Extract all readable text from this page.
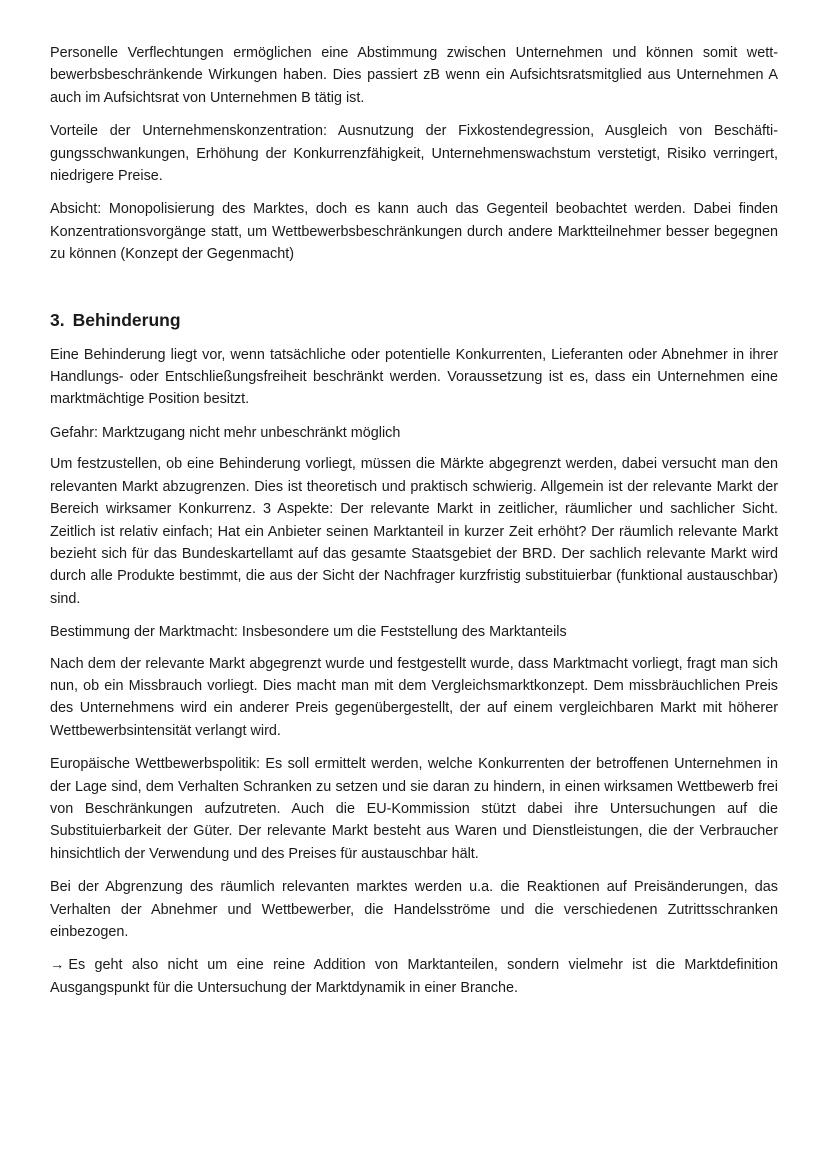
Personelle Verflechtungen ermöglichen eine Abstimmung zwischen Unternehmen und können somit wettbewerbsbeschränkende Wirkungen haben. Dies passiert zB wenn ein Aufsichtsratsmitglied aus Unternehmen A auch im Aufsichtsrat von Unternehmen B tätig ist.

Vorteile der Unternehmenskonzentration: Ausnutzung der Fixkostendegression, Ausgleich von Beschäftigungsschwankungen, Erhöhung der Konkurrenzfähigkeit, Unternehmenswachstum verstetigt, Risiko verringert, niedrigere Preise.

Absicht: Monopolisierung des Marktes, doch es kann auch das Gegenteil beobachtet werden. Dabei finden Konzentrationsvorgänge statt, um Wettbewerbsbeschränkungen durch andere Marktteilnehmer besser begegnen zu können (Konzept der Gegenmacht)

3. Behinderung

Eine Behinderung liegt vor, wenn tatsächliche oder potentielle Konkurrenten, Lieferanten oder Abnehmer in ihrer Handlungs- oder Entschließungsfreiheit beschränkt werden. Voraussetzung ist es, dass ein Unternehmen eine marktmächtige Position besitzt.

Gefahr: Marktzugang nicht mehr unbeschränkt möglich

Um festzustellen, ob eine Behinderung vorliegt, müssen die Märkte abgegrenzt werden, dabei versucht man den relevanten Markt abzugrenzen. Dies ist theoretisch und praktisch schwierig. Allgemein ist der relevante Markt der Bereich wirksamer Konkurrenz. 3 Aspekte: Der relevante Markt in zeitlicher, räumlicher und sachlicher Sicht. Zeitlich ist relativ einfach; Hat ein Anbieter seinen Marktanteil in kurzer Zeit erhöht? Der räumlich relevante Markt bezieht sich für das Bundeskartellamt auf das gesamte Staatsgebiet der BRD. Der sachlich relevante Markt wird durch alle Produkte bestimmt, die aus der Sicht der Nachfrager kurzfristig substituierbar (funktional austauschbar) sind.

Bestimmung der Marktmacht: Insbesondere um die Feststellung des Marktanteils

Nach dem der relevante Markt abgegrenzt wurde und festgestellt wurde, dass Marktmacht vorliegt, fragt man sich nun, ob ein Missbrauch vorliegt. Dies macht man mit dem Vergleichsmarktkonzept. Dem missbräuchlichen Preis des Unternehmens wird ein anderer Preis gegenübergestellt, der auf einem vergleichbaren Markt mit höherer Wettbewerbsintensität verlangt wird.

Europäische Wettbewerbspolitik: Es soll ermittelt werden, welche Konkurrenten der betroffenen Unternehmen in der Lage sind, dem Verhalten Schranken zu setzen und sie daran zu hindern, in einen wirksamen Wettbewerb frei von Beschränkungen aufzutreten. Auch die EU-Kommission stützt dabei ihre Untersuchungen auf die Substituierbarkeit der Güter. Der relevante Markt besteht aus Waren und Dienstleistungen, die der Verbraucher hinsichtlich der Verwendung und des Preises für austauschbar hält.

Bei der Abgrenzung des räumlich relevanten marktes werden u.a. die Reaktionen auf Preisänderungen, das Verhalten der Abnehmer und Wettbewerber, die Handelsströme und die verschiedenen Zutrittsschranken einbezogen.

→ Es geht also nicht um eine reine Addition von Marktanteilen, sondern vielmehr ist die Marktdefinition Ausgangspunkt für die Untersuchung der Marktdynamik in einer Branche.
